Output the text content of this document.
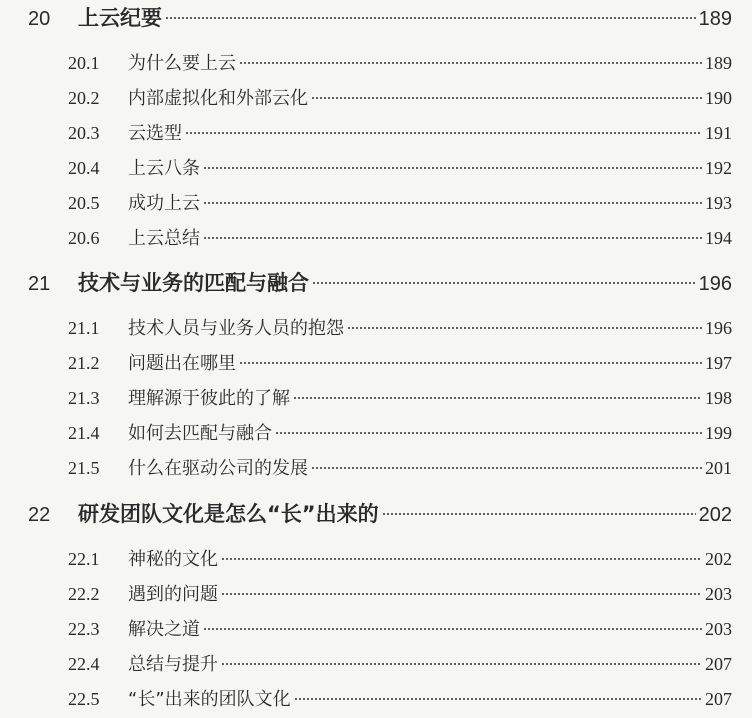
20	上云纪要	189
20.1	为什么要上云	189
20.2	内部虚拟化和外部云化	190
20.3	云选型	191
20.4	上云八条	192
20.5	成功上云	193
20.6	上云总结	194
21	技术与业务的匹配与融合	196
21.1	技术人员与业务人员的抱怨	196
21.2	问题出在哪里	197
21.3	理解源于彼此的了解	198
21.4	如何去匹配与融合	199
21.5	什么在驱动公司的发展	201
22	研发团队文化是怎么“长”出来的	202
22.1	神秘的文化	202
22.2	遇到的问题	203
22.3	解决之道	203
22.4	总结与提升	207
22.5	“长”出来的团队文化	207
